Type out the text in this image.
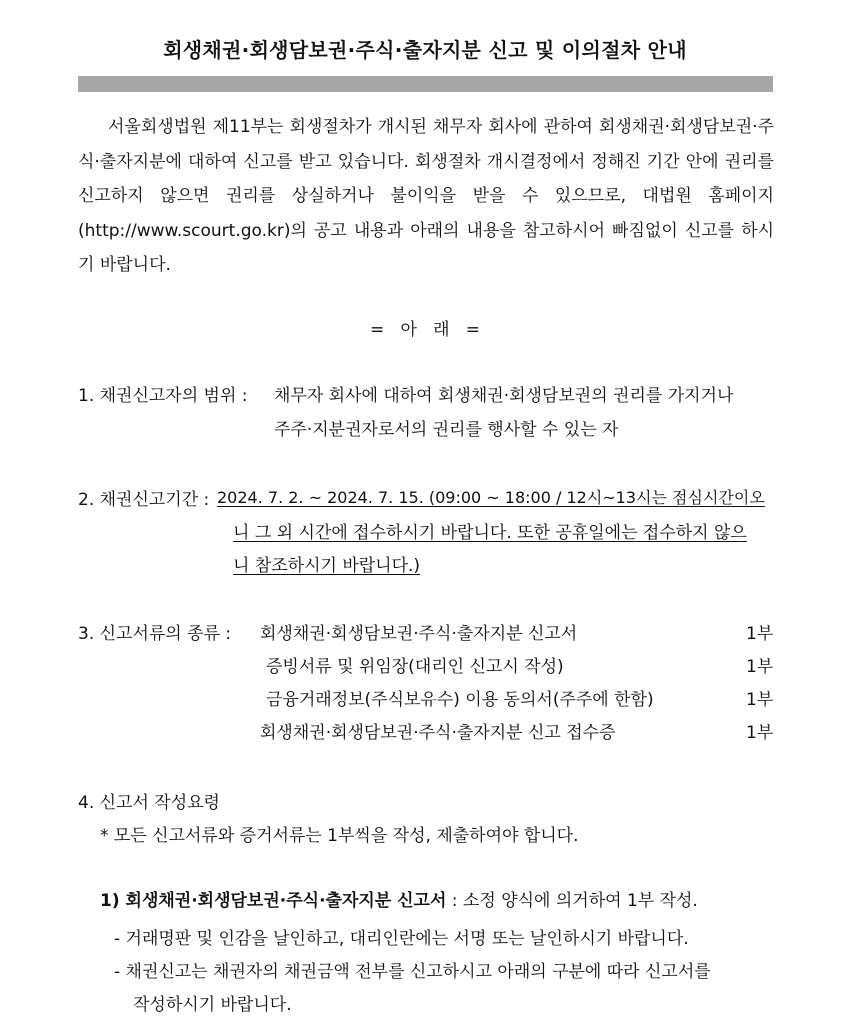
회생채권·회생담보권·주식·출자지분 신고 및 이의절차 안내

서울회생법원 제11부는 회생절차가 개시된 채무자 회사에 관하여 회생채권·회생담보권·주식·출자지분에 대하여 신고를 받고 있습니다. 회생절차 개시결정에서 정해진 기간 안에 권리를 신고하지 않으면 권리를 상실하거나 불이익을 받을 수 있으므로, 대법원 홈페이지(http://www.scourt.go.kr)의 공고 내용과 아래의 내용을 참고하시어 빠짐없이 신고를 하시기 바랍니다.

=   아   래   =
1. 채권신고자의 범위 : 채무자 회사에 대하여 회생채권·회생담보권의 권리를 가지거나
주주·지분권자로서의 권리를 행사할 수 있는 자
2. 채권신고기간 : 2024. 7. 2. ~ 2024. 7. 15. (09:00 ~ 18:00 / 12시~13시는 점심시간이오
니 그 외 시간에 접수하시기 바랍니다. 또한 공휴일에는 접수하지 않으
니 참조하시기 바랍니다.)
3. 신고서류의 종류 : 회생채권·회생담보권·주식·출자지분 신고서	1부
증빙서류 및 위임장(대리인 신고시 작성)	1부
금융거래정보(주식보유수) 이용 동의서(주주에 한함)	1부
회생채권·회생담보권·주식·출자지분 신고 접수증	1부
4. 신고서 작성요령
* 모든 신고서류와 증거서류는 1부씩을 작성, 제출하여야 합니다.
1) 회생채권·회생담보권·주식·출자지분 신고서 : 소정 양식에 의거하여 1부 작성.
- 거래명판 및 인감을 날인하고, 대리인란에는 서명 또는 날인하시기 바랍니다.
- 채권신고는 채권자의 채권금액 전부를 신고하시고 아래의 구분에 따라 신고서를
작성하시기 바랍니다.
